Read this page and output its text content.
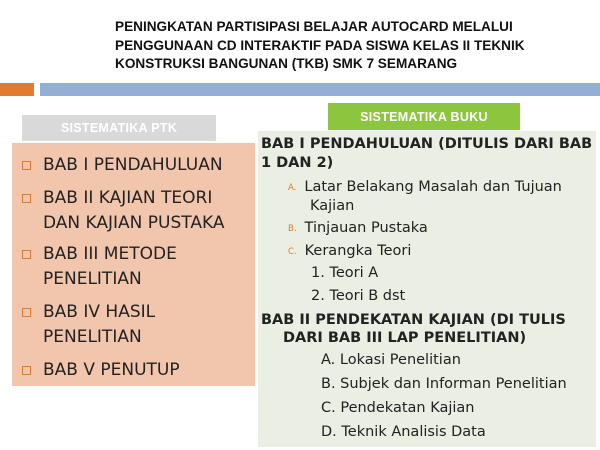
PENINGKATAN PARTISIPASI BELAJAR AUTOCARD MELALUI
PENGGUNAAN CD INTERAKTIF PADA SISWA KELAS II TEKNIK
KONSTRUKSI BANGUNAN (TKB) SMK 7 SEMARANG
SISTEMATIKA PTK
SISTEMATIKA BUKU
BAB I PENDAHULUAN
BAB II KAJIAN TEORI
DAN KAJIAN PUSTAKA
BAB III METODE
PENELITIAN
BAB IV HASIL
PENELITIAN
BAB V PENUTUP
BAB I PENDAHULUAN (DITULIS DARI BAB
1 DAN 2)
A. Latar Belakang Masalah dan Tujuan
Kajian
B. Tinjauan Pustaka
C. Kerangka Teori
1. Teori A
2. Teori B dst
BAB II PENDEKATAN KAJIAN (DI TULIS
DARI BAB III LAP PENELITIAN)
A. Lokasi Penelitian
B. Subjek dan Informan Penelitian
C. Pendekatan Kajian
D. Teknik Analisis Data
